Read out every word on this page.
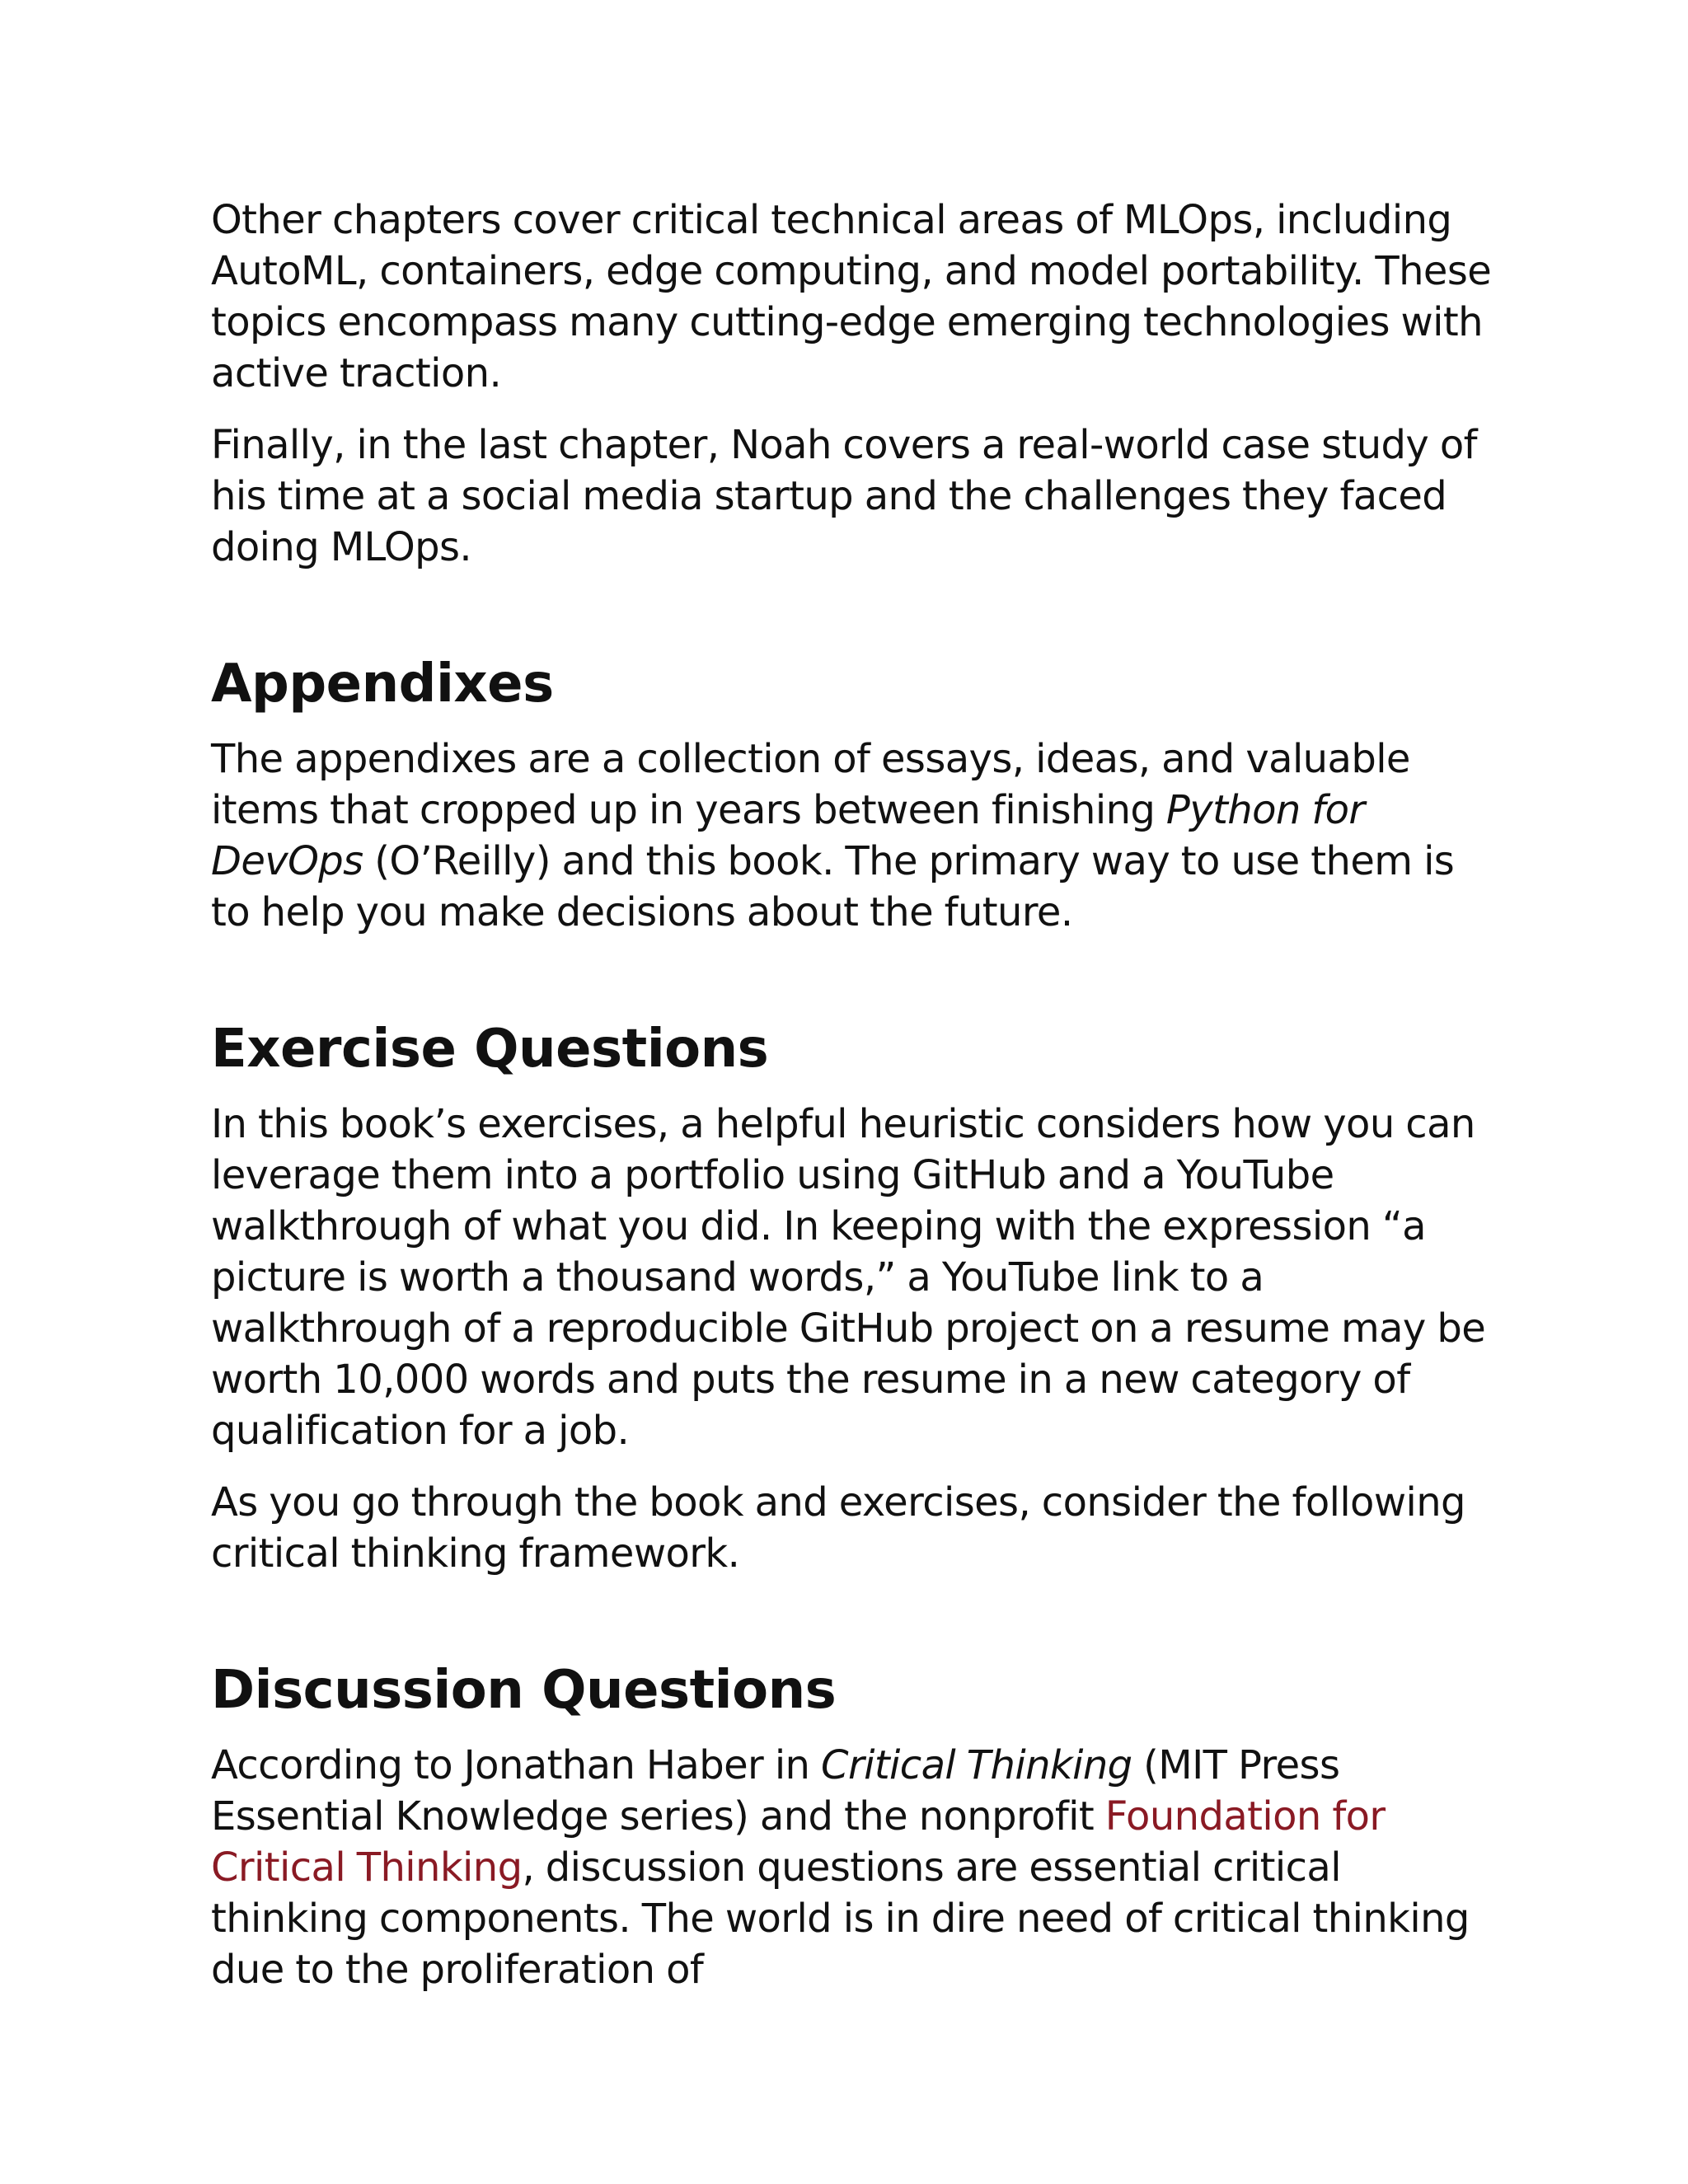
Other chapters cover critical technical areas of MLOps, including AutoML, containers, edge computing, and model portability. These topics encompass many cutting-edge emerging technologies with active traction.

Finally, in the last chapter, Noah covers a real-world case study of his time at a social media startup and the challenges they faced doing MLOps.

Appendixes

The appendixes are a collection of essays, ideas, and valuable items that cropped up in years between finishing Python for DevOps (O’Reilly) and this book. The primary way to use them is to help you make decisions about the future.

Exercise Questions

In this book’s exercises, a helpful heuristic considers how you can leverage them into a portfolio using GitHub and a YouTube walkthrough of what you did. In keeping with the expression “a picture is worth a thousand words,” a YouTube link to a walkthrough of a reproducible GitHub project on a resume may be worth 10,000 words and puts the resume in a new category of qualification for a job.

As you go through the book and exercises, consider the following critical thinking framework.

Discussion Questions

According to Jonathan Haber in Critical Thinking (MIT Press Essential Knowledge series) and the nonprofit Foundation for Critical Thinking, discussion questions are essential critical thinking components. The world is in dire need of critical thinking due to the proliferation of
